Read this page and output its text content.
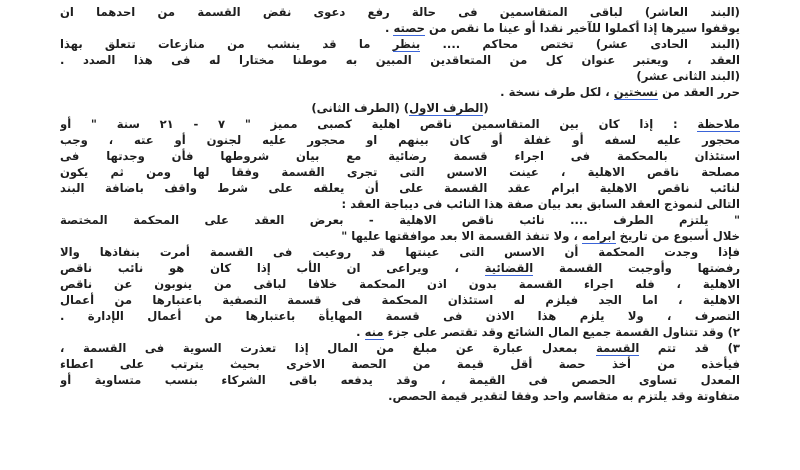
(البند العاشر) لباقى المتقاسمين فى حالة رفع دعوى نقض القسمة من احدهما ان
يوقفوا سيرها إذا أكملوا للآخير نقدا أو عينا ما نقص من حصته .
(البند الحادى عشر) تختص محاكم .... بنظر ما قد ينشب من منازعات تتعلق بهذا
العقد ، ويعتبر عنوان كل من المتعاقدين المبين به موطنا مختارا له فى هذا الصدد .
(البند الثانى عشر)
حرر العقد من نسختين ، لكل طرف نسخة .
(الطرف الاول) (الطرف الثانى)
ملاحظة : إذا كان بين المتقاسمين ناقص اهلية كصبى مميز " ٧ - ٢١ سنة " أو
محجور عليه لسفه أو غفلة أو كان بينهم او محجور عليه لجنون أو عته ، وجب
استئذان بالمحكمة فى اجراء قسمة رضائية مع بيان شروطها فأن وجدتها فى
مصلحة ناقص الاهلية ، عينت الاسس التى تجرى القسمة وفقا لها ومن ثم يكون
لنائب ناقص الاهلية ابرام عقد القسمة على أن يعلقه على شرط واقف باضافة البند
التالى لنموذج العقد السابق بعد بيان صفة هذا النائب فى ديباجة العقد :
" يلتزم الطرف .... نائب ناقص الاهلية - بعرض العقد على المحكمة المختصة
خلال أسبوع من تاريخ ابرامه ، ولا تنفذ القسمة الا بعد موافقتها عليها "
فإذا وجدت المحكمة أن الاسس التى عينتها قد روعيت فى القسمة أمرت بنفاذها والا
رفضتها وأوجبت القسمة القضائية ، ويراعى ان الأب إذا كان هو نائب ناقص
الاهلية ، فله اجراء القسمة بدون اذن المحكمة خلافا لباقى من ينوبون عن ناقص
الاهلية ، اما الجد فيلزم له استئذان المحكمة فى قسمة التصفية باعتبارها من أعمال
التصرف ، ولا يلزم هذا الاذن فى قسمة المهايأة باعتبارها من أعمال الإدارة .
٢) وقد تتناول القسمة جميع المال الشائع وقد تقتصر على جزء منه .
٣) قد تتم القسمة بمعدل عبارة عن مبلغ من المال إذا تعذرت السوية فى القسمة ،
فيأخذه من أخذ حصة أقل قيمة من الحصة الاخرى بحيث يترتب على اعطاء
المعدل تساوى الحصص فى القيمة ، وقد يدفعه باقى الشركاء بنسب متساوية أو
متفاوتة وقد يلتزم به متقاسم واحد وفقا لتقدير قيمة الحصص.
